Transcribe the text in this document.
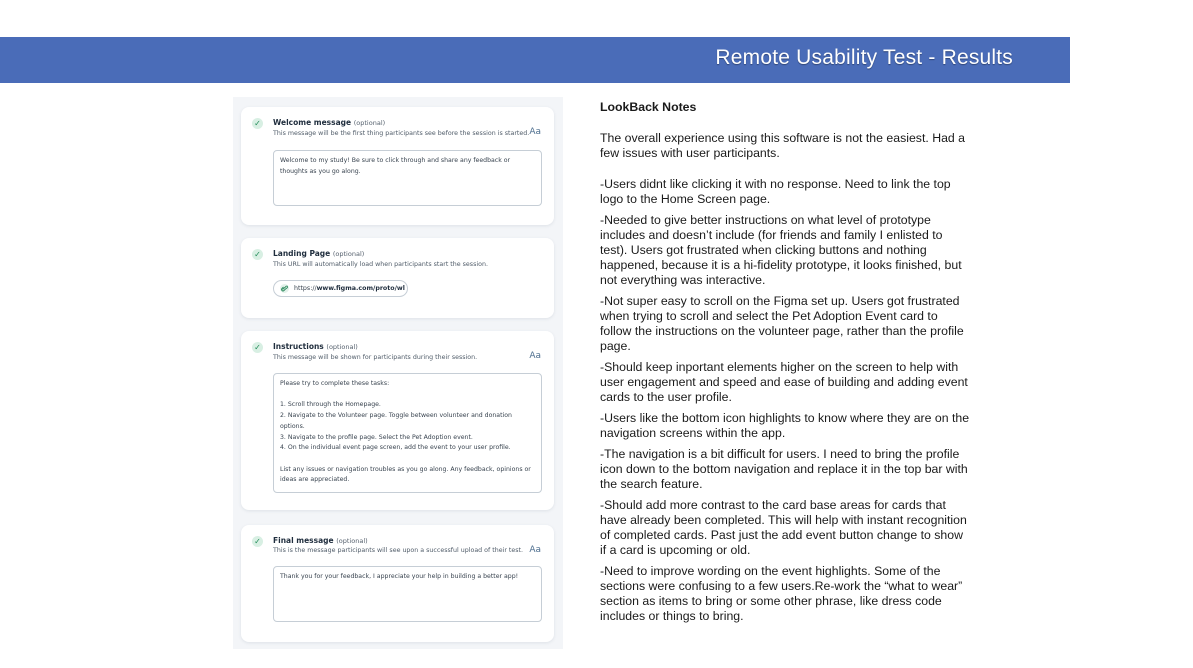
Remote Usability Test - Results
✓ Welcome message (optional)
This message will be the first thing participants see before the session is started. Aa

Welcome to my study! Be sure to click through and share any feedback or thoughts as you go along.

✓ Landing Page (optional)
This URL will automatically load when participants start the session.
https://www.figma.com/proto/wl
✓ Instructions (optional)
This message will be shown for participants during their session.	Aa

Please try to complete these tasks:

1. Scroll through the Homepage.

2. Navigate to the Volunteer page. Toggle between volunteer and donation options.

3. Navigate to the profile page. Select the Pet Adoption event.

4. On the individual event page screen, add the event to your user profile.

List any issues or navigation troubles as you go along. Any feedback, opinions or ideas are appreciated.

✓ Final message (optional)
This is the message participants will see upon a successful upload of their test. Aa

Thank you for your feedback, I appreciate your help in building a better app!

LookBack Notes
The overall experience using this software is not the easiest. Had a few issues with user participants.
-Users didnt like clicking it with no response. Need to link the top logo to the Home Screen page.
-Needed to give better instructions on what level of prototype includes and doesn’t include (for friends and family I enlisted to test). Users got frustrated when clicking buttons and nothing happened, because it is a hi-fidelity prototype, it looks finished, but not everything was interactive.
-Not super easy to scroll on the Figma set up. Users got frustrated when trying to scroll and select the Pet Adoption Event card to follow the instructions on the volunteer page, rather than the profile page.
-Should keep inportant elements higher on the screen to help with user engagement and speed and ease of building and adding event cards to the user profile.
-Users like the bottom icon highlights to know where they are on the navigation screens within the app.
-The navigation is a bit difficult for users. I need to bring the profile icon down to the bottom navigation and replace it in the top bar with the search feature.
-Should add more contrast to the card base areas for cards that have already been completed. This will help with instant recognition of completed cards. Past just the add event button change to show if a card is upcoming or old.
-Need to improve wording on the event highlights. Some of the sections were confusing to a few users.Re-work the “what to wear” section as items to bring or some other phrase, like dress code includes or things to bring.
